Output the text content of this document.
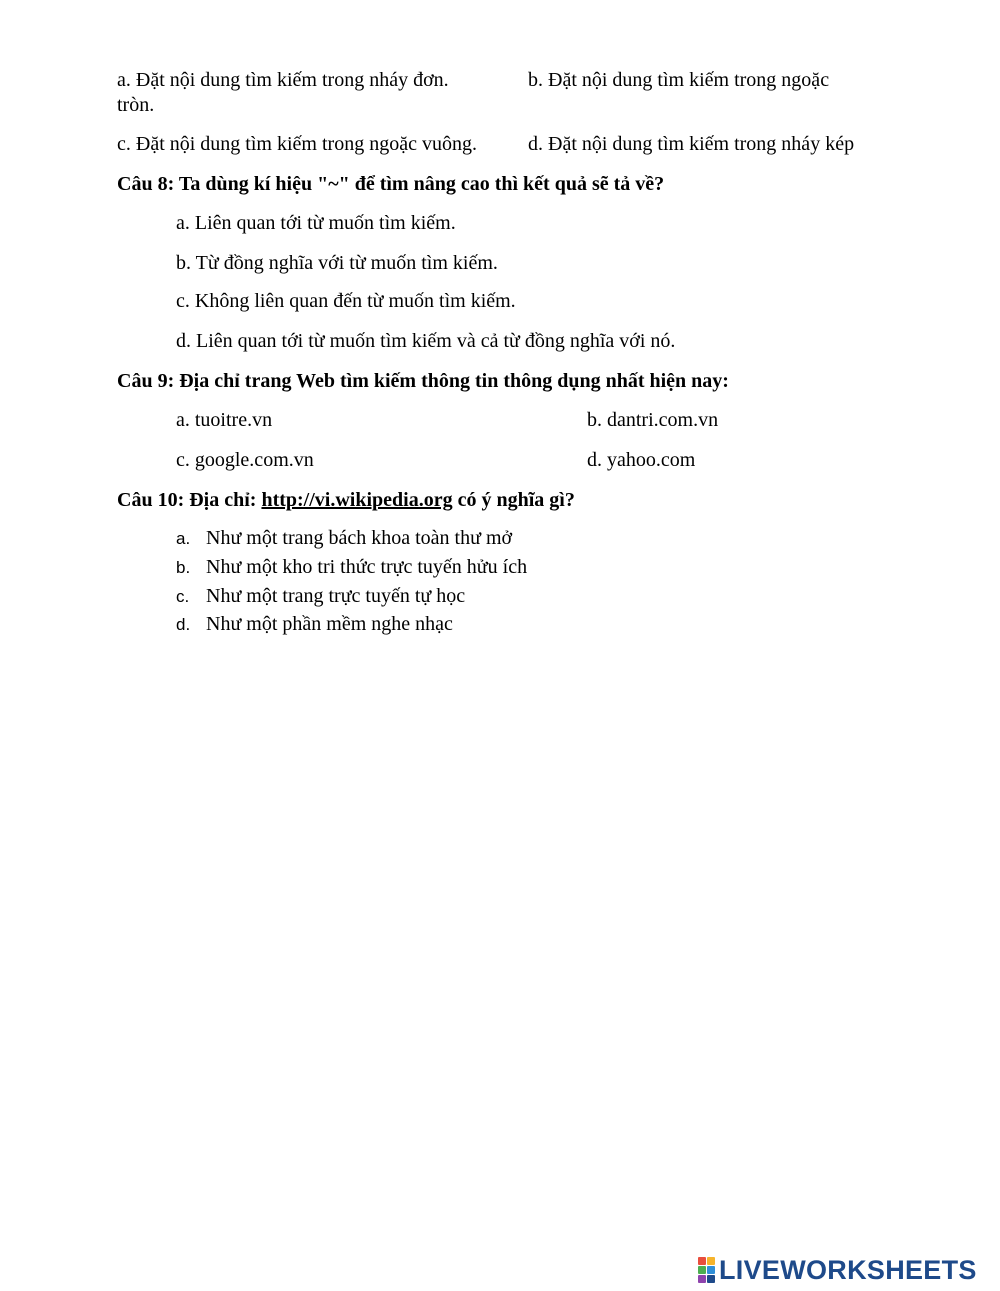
a. Đặt nội dung tìm kiếm trong nháy đơn.	b. Đặt nội dung tìm kiếm trong ngoặc
tròn.
c. Đặt nội dung tìm kiếm trong ngoặc vuông.	d. Đặt nội dung tìm kiếm trong nháy kép
Câu 8: Ta dùng kí hiệu "~" để tìm nâng cao thì kết quả sẽ tả về?
a. Liên quan tới từ muốn tìm kiếm.
b. Từ đồng nghĩa với từ muốn tìm kiếm.
c. Không liên quan đến từ muốn tìm kiếm.
d. Liên quan tới từ muốn tìm kiếm và cả từ đồng nghĩa với nó.
Câu 9: Địa chỉ trang Web tìm kiếm thông tin thông dụng nhất hiện nay:
a. tuoitre.vn	b. dantri.com.vn
c. google.com.vn	d. yahoo.com
Câu 10: Địa chỉ: http://vi.wikipedia.org có ý nghĩa gì?
a. Như một trang bách khoa toàn thư mở
b. Như một kho tri thức trực tuyến hửu ích
c. Như một trang trực tuyến tự học
d. Như một phần mềm nghe nhạc
LIVEWORKSHEETS
